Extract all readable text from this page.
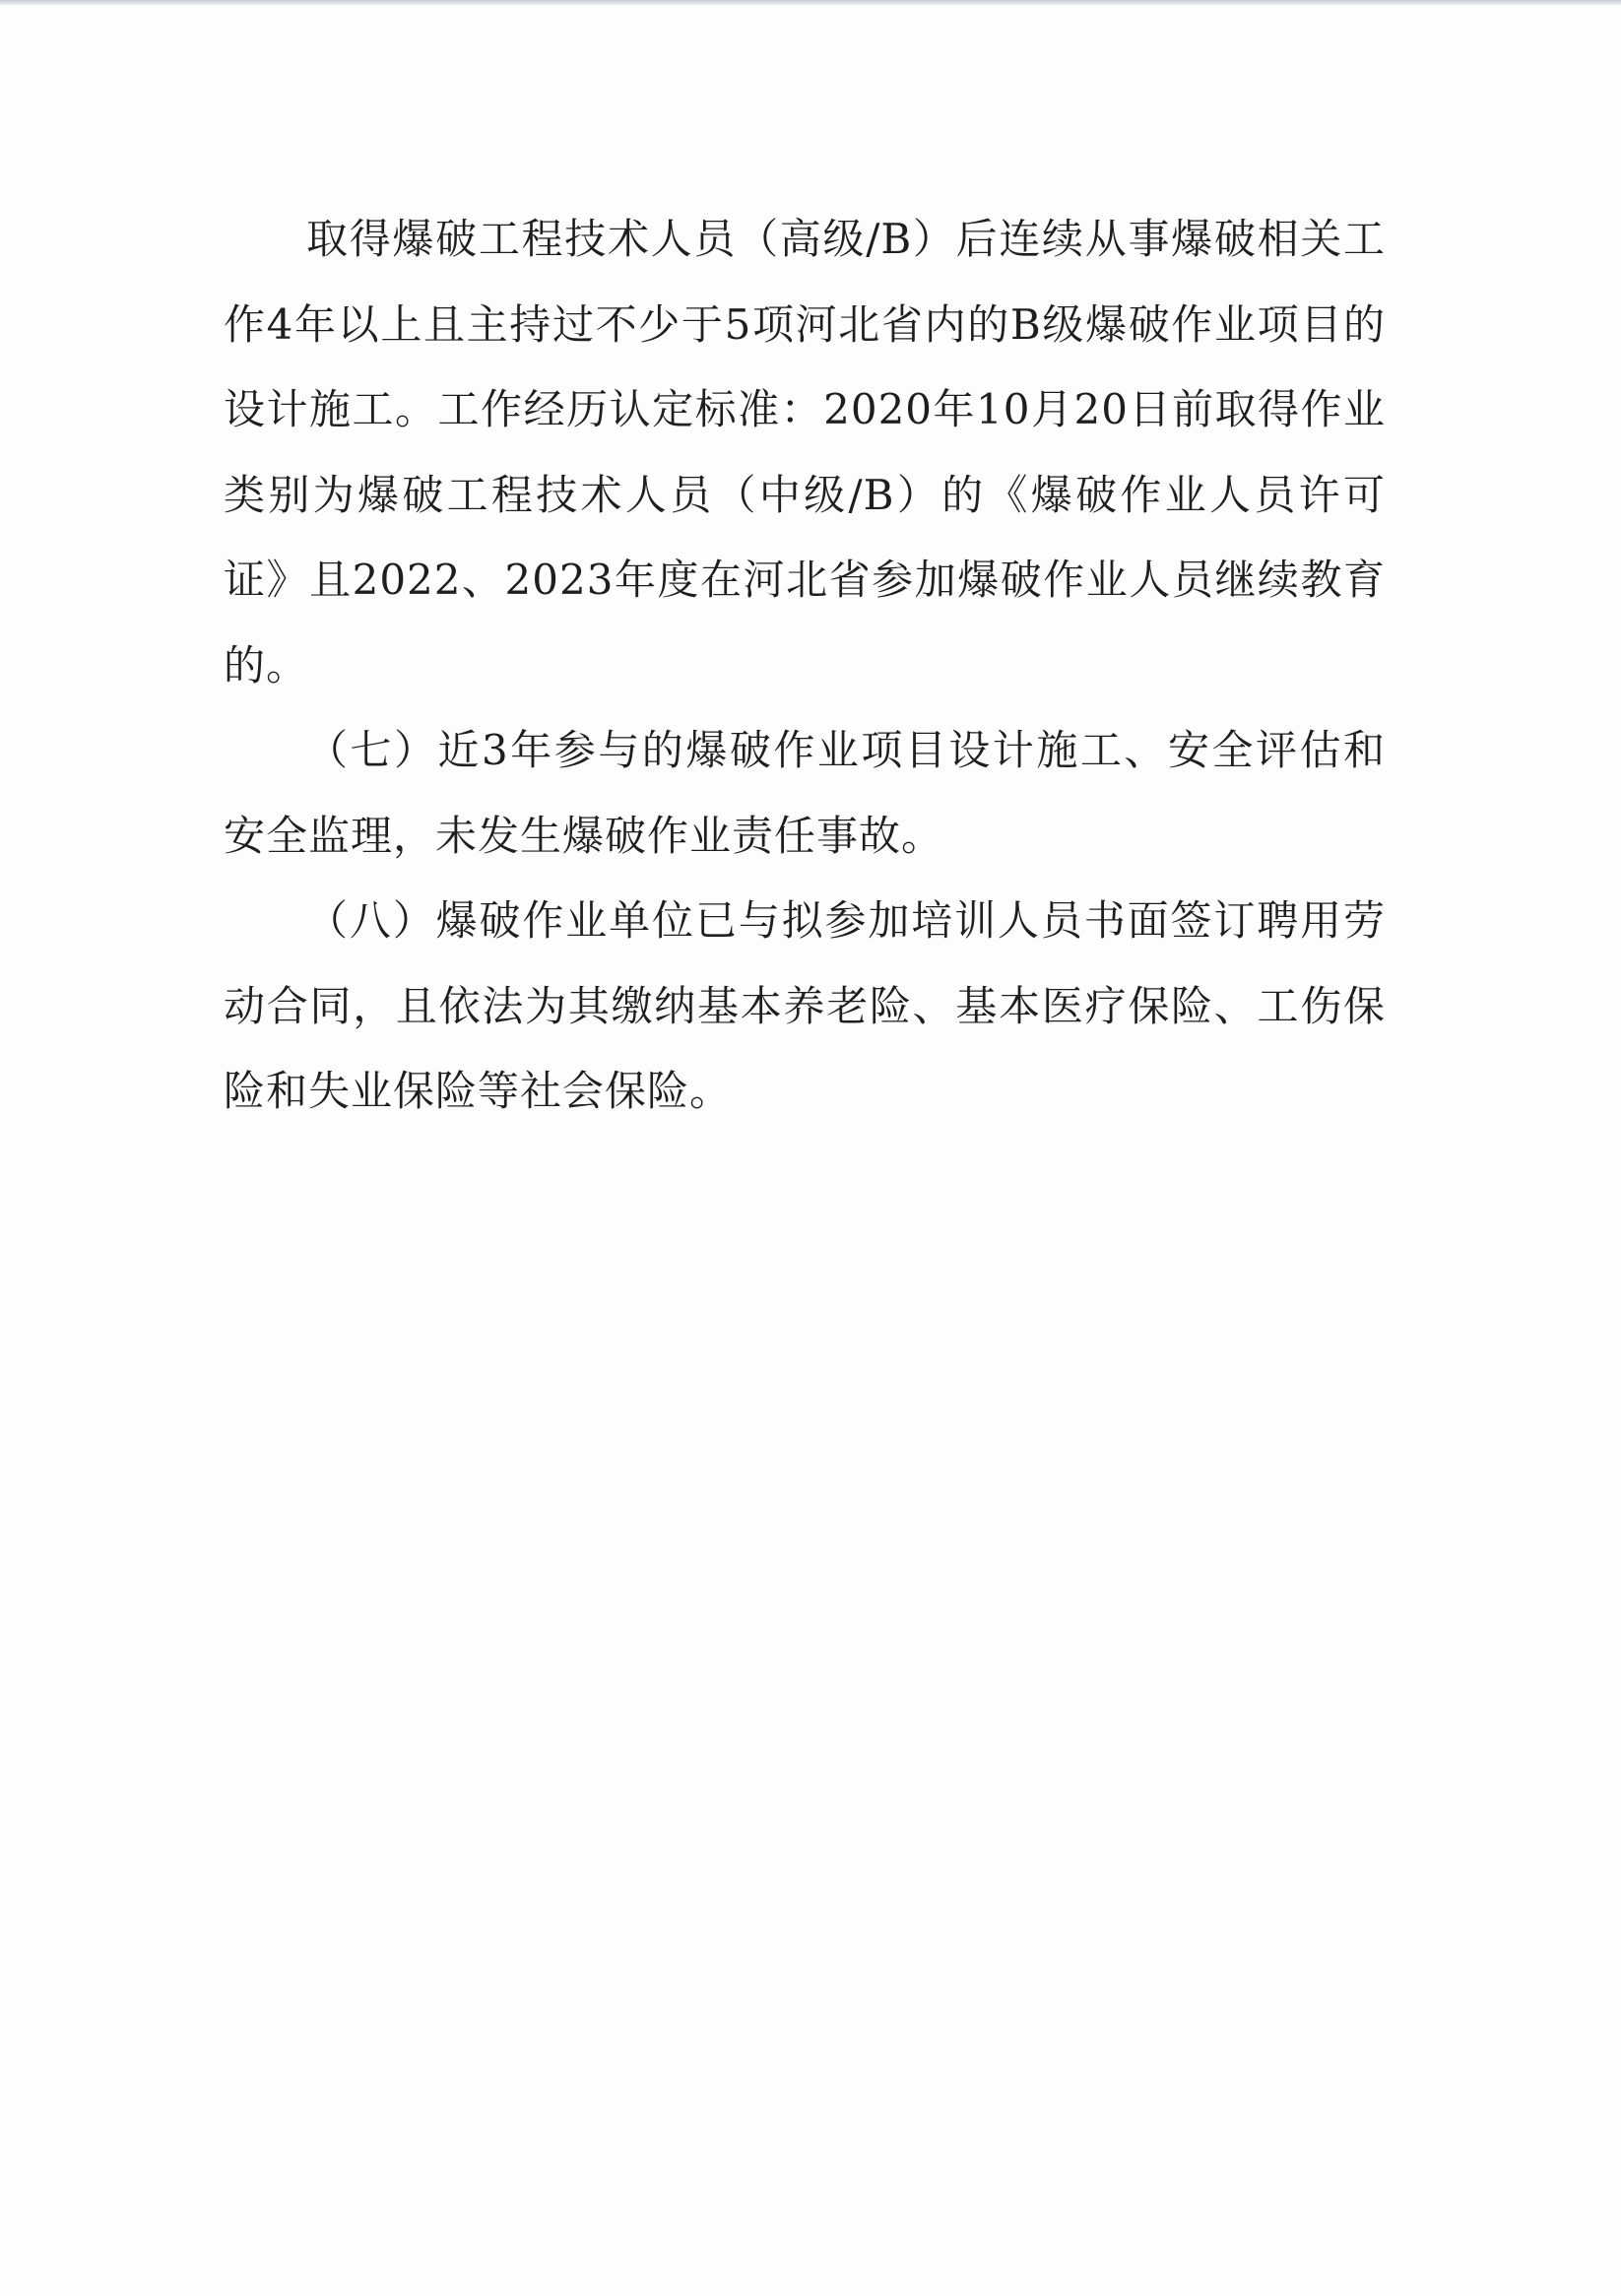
取得爆破工程技术人员（高级/B）后连续从事爆破相关工作4年以上且主持过不少于5项河北省内的B级爆破作业项目的设计施工。工作经历认定标准：2020年10月20日前取得作业类别为爆破工程技术人员（中级/B）的《爆破作业人员许可证》且2022、2023年度在河北省参加爆破作业人员继续教育的。

（七）近3年参与的爆破作业项目设计施工、安全评估和安全监理，未发生爆破作业责任事故。

（八）爆破作业单位已与拟参加培训人员书面签订聘用劳动合同，且依法为其缴纳基本养老险、基本医疗保险、工伤保险和失业保险等社会保险。
